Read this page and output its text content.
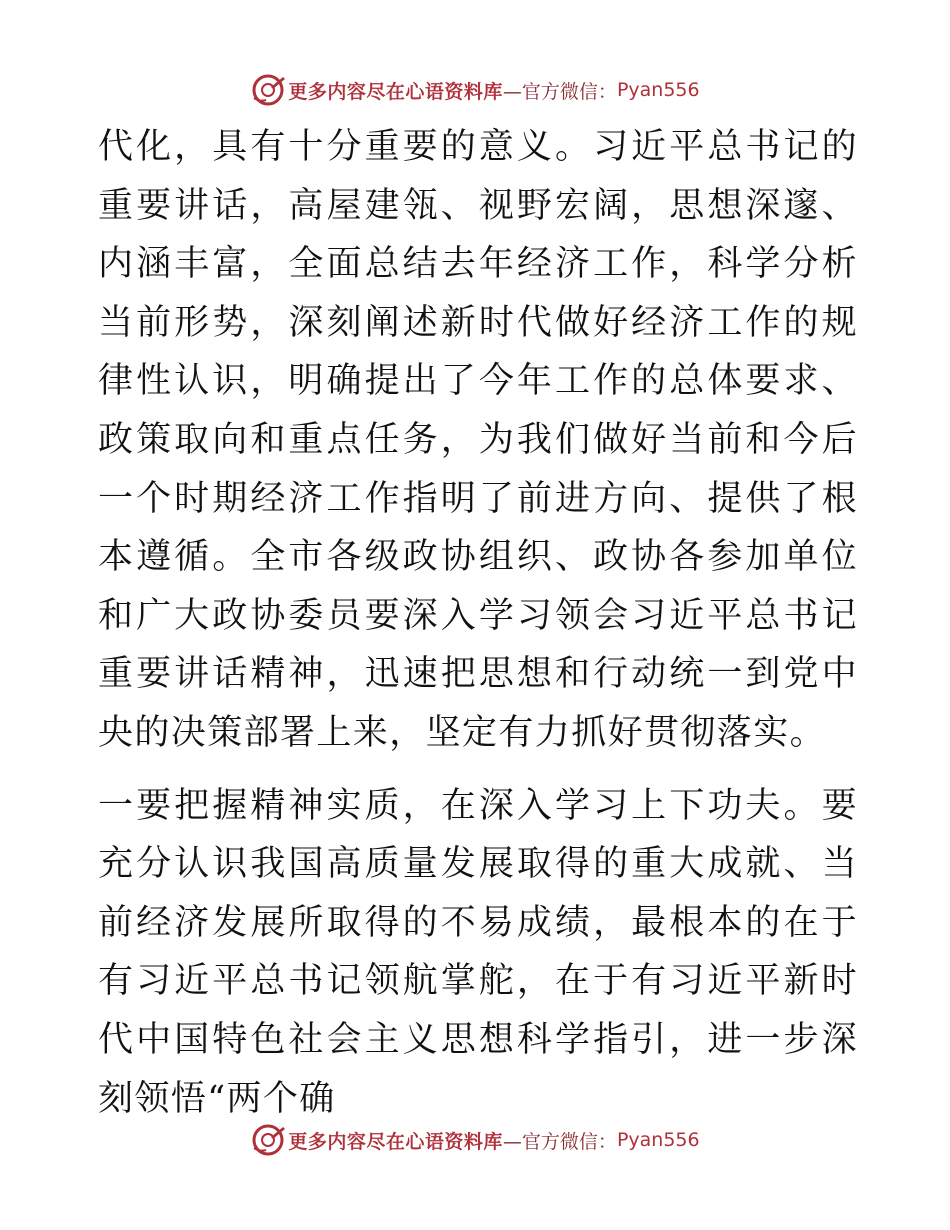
更多内容尽在心语资料库 —官方微信： Pyan556

代化，具有十分重要的意义。习近平总书记的重要讲话，高屋建瓴、视野宏阔，思想深邃、内涵丰富，全面总结去年经济工作，科学分析当前形势，深刻阐述新时代做好经济工作的规律性认识，明确提出了今年工作的总体要求、政策取向和重点任务，为我们做好当前和今后一个时期经济工作指明了前进方向、提供了根本遵循。全市各级政协组织、政协各参加单位和广大政协委员要深入学习领会习近平总书记重要讲话精神，迅速把思想和行动统一到党中央的决策部署上来，坚定有力抓好贯彻落实。

一要把握精神实质，在深入学习上下功夫。要充分认识我国高质量发展取得的重大成就、当前经济发展所取得的不易成绩，最根本的在于有习近平总书记领航掌舵，在于有习近平新时代中国特色社会主义思想科学指引，进一步深刻领悟“两个确

更多内容尽在心语资料库 —官方微信： Pyan556
